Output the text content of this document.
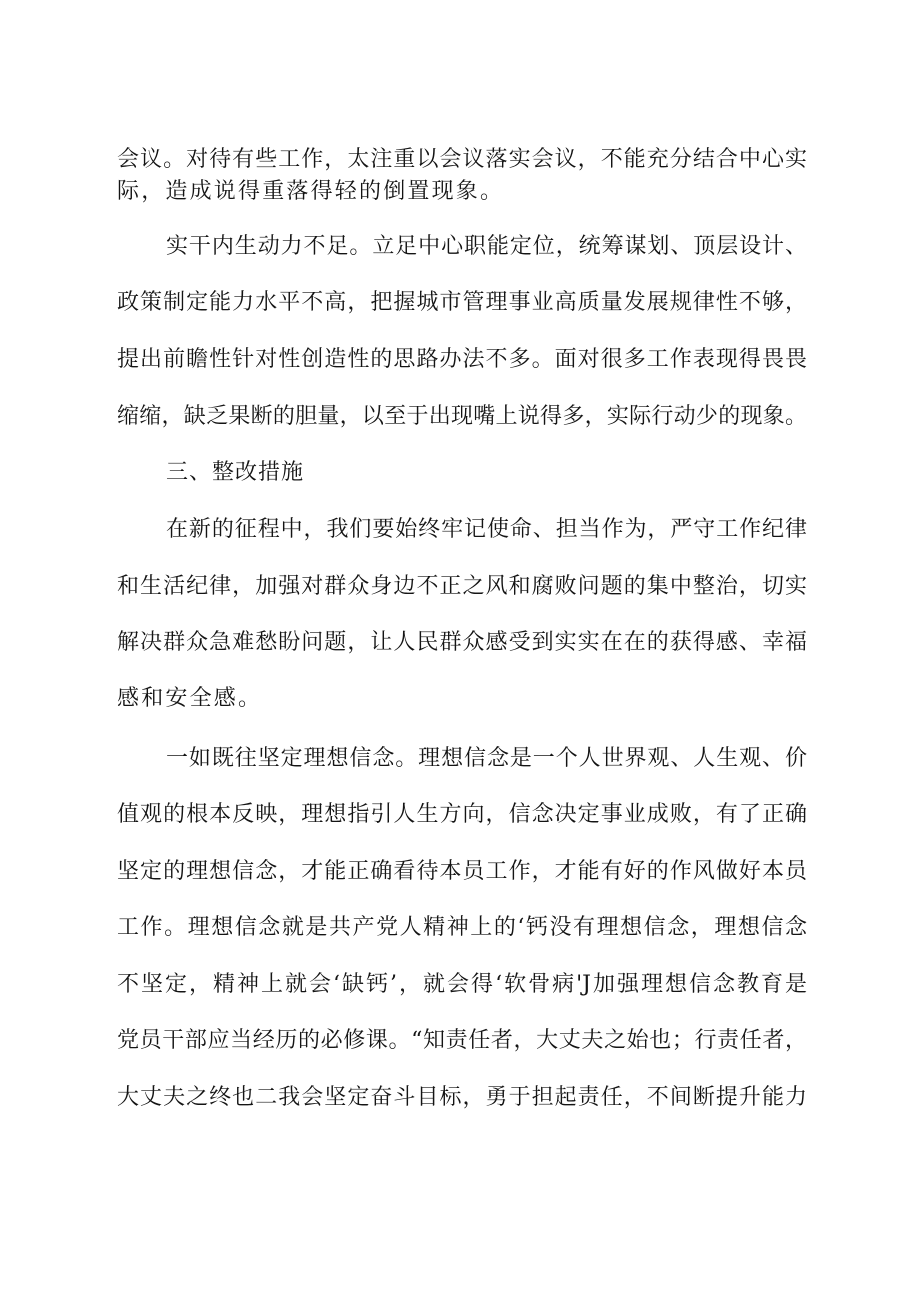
会议。对待有些工作，太注重以会议落实会议，不能充分结合中心实
际，造成说得重落得轻的倒置现象。
实干内生动力不足。立足中心职能定位，统筹谋划、顶层设计、
政策制定能力水平不高，把握城市管理事业高质量发展规律性不够，
提出前瞻性针对性创造性的思路办法不多。面对很多工作表现得畏畏
缩缩，缺乏果断的胆量，以至于出现嘴上说得多，实际行动少的现象。
三、整改措施
在新的征程中，我们要始终牢记使命、担当作为，严守工作纪律
和生活纪律，加强对群众身边不正之风和腐败问题的集中整治，切实
解决群众急难愁盼问题，让人民群众感受到实实在在的获得感、幸福
感和安全感。
一如既往坚定理想信念。理想信念是一个人世界观、人生观、价
值观的根本反映，理想指引人生方向，信念决定事业成败，有了正确
坚定的理想信念，才能正确看待本员工作，才能有好的作风做好本员
工作。理想信念就是共产党人精神上的‘钙没有理想信念，理想信念
不坚定，精神上就会‘缺钙’，就会得‘软骨病'J加强理想信念教育是
党员干部应当经历的必修课。“知责任者，大丈夫之始也；行责任者，
大丈夫之终也二我会坚定奋斗目标，勇于担起责任，不间断提升能力
